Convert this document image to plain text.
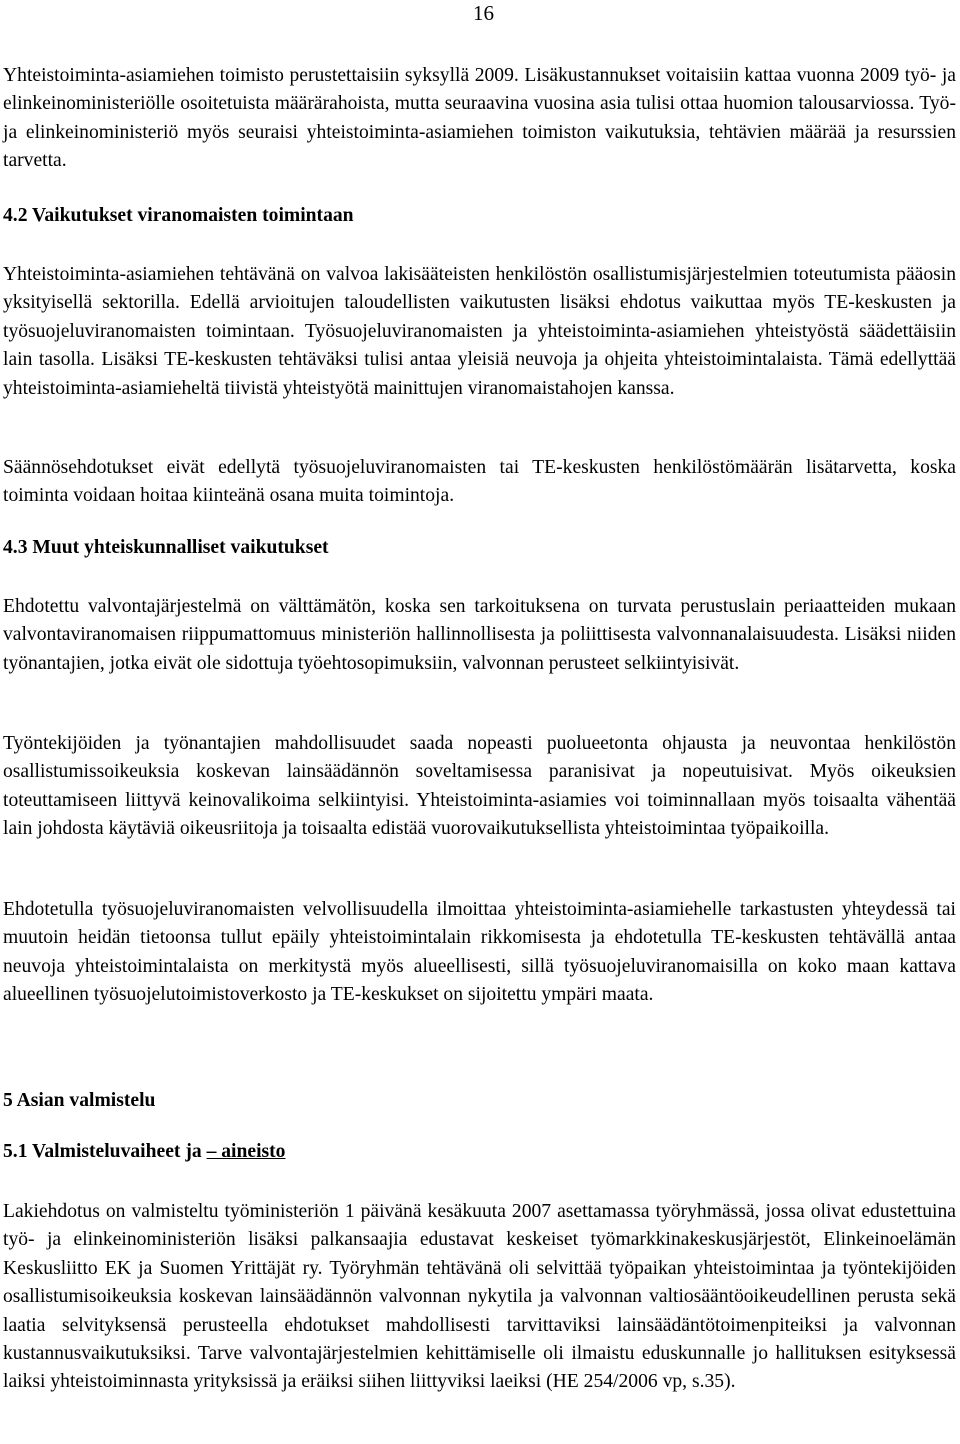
16

Yhteistoiminta-asiamiehen toimisto perustettaisiin syksyllä 2009. Lisäkustannukset voitaisiin kattaa vuonna 2009 työ- ja elinkeinoministeriölle osoitetuista määrärahoista, mutta seuraavina vuosina asia tulisi ottaa huomion talousarviossa. Työ- ja elinkeinoministeriö myös seuraisi yhteistoiminta-asiamiehen toimiston vaikutuksia, tehtävien määrää ja resurssien tarvetta.

4.2 Vaikutukset viranomaisten toimintaan

Yhteistoiminta-asiamiehen tehtävänä on valvoa lakisääteisten henkilöstön osallistumisjärjestelmien toteutumista pääosin yksityisellä sektorilla. Edellä arvioitujen taloudellisten vaikutusten lisäksi ehdotus vaikuttaa myös TE-keskusten ja työsuojeluviranomaisten toimintaan. Työsuojeluviranomaisten ja yhteistoiminta-asiamiehen yhteistyöstä säädettäisiin lain tasolla. Lisäksi TE-keskusten tehtäväksi tulisi antaa yleisiä neuvoja ja ohjeita yhteistoimintalaista. Tämä edellyttää yhteistoiminta-asiamieheltä tiivistä yhteistyötä mainittujen viranomaistahojen kanssa.

Säännösehdotukset eivät edellytä työsuojeluviranomaisten tai TE-keskusten henkilöstömäärän lisätarvetta, koska toiminta voidaan hoitaa kiinteänä osana muita toimintoja.

4.3 Muut yhteiskunnalliset vaikutukset

Ehdotettu valvontajärjestelmä on välttämätön, koska sen tarkoituksena on turvata perustuslain periaatteiden mukaan valvontaviranomaisen riippumattomuus ministeriön hallinnollisesta ja poliittisesta valvonnanalaisuudesta. Lisäksi niiden työnantajien, jotka eivät ole sidottuja työehtosopimuksiin, valvonnan perusteet selkiintyisivät.

Työntekijöiden ja työnantajien mahdollisuudet saada nopeasti puolueetonta ohjausta ja neuvontaa henkilöstön osallistumissoikeuksia koskevan lainsäädännön soveltamisessa paranisivat ja nopeutuisivat. Myös oikeuksien toteuttamiseen liittyvä keinovalikoima selkiintyisi. Yhteistoiminta-asiamies voi toiminnallaan myös toisaalta vähentää lain johdosta käytäviä oikeusriitoja ja toisaalta edistää vuorovaikutuksellista yhteistoimintaa työpaikoilla.

Ehdotetulla työsuojeluviranomaisten velvollisuudella ilmoittaa yhteistoiminta-asiamiehelle tarkastusten yhteydessä tai muutoin heidän tietoonsa tullut epäily yhteistoimintalain rikkomisesta ja ehdotetulla TE-keskusten tehtävällä antaa neuvoja yhteistoimintalaista on merkitystä myös alueellisesti, sillä työsuojeluviranomaisilla on koko maan kattava alueellinen työsuojelutoimistoverkosto ja TE-keskukset on sijoitettu ympäri maata.

5 Asian valmistelu

5.1 Valmisteluvaiheet ja – aineisto

Lakiehdotus on valmisteltu työministeriön 1 päivänä kesäkuuta 2007 asettamassa työryhmässä, jossa olivat edustettuina työ- ja elinkeinoministeriön lisäksi palkansaajia edustavat keskeiset työmarkkinakeskusjärjestöt, Elinkeinoelämän Keskusliitto EK ja Suomen Yrittäjät ry. Työryhmän tehtävänä oli selvittää työpaikan yhteistoimintaa ja työntekijöiden osallistumisoikeuksia koskevan lainsäädännön valvonnan nykytila ja valvonnan valtiosääntöoikeudellinen perusta sekä laatia selvityksensä perusteella ehdotukset mahdollisesti tarvittaviksi lainsäädäntötoimenpiteiksi ja valvonnan kustannusvaikutuksiksi. Tarve valvontajärjestelmien kehittämiselle oli ilmaistu eduskunnalle jo hallituksen esityksessä laiksi yhteistoiminnasta yrityksissä ja eräiksi siihen liittyviksi laeiksi (HE 254/2006 vp, s.35).
